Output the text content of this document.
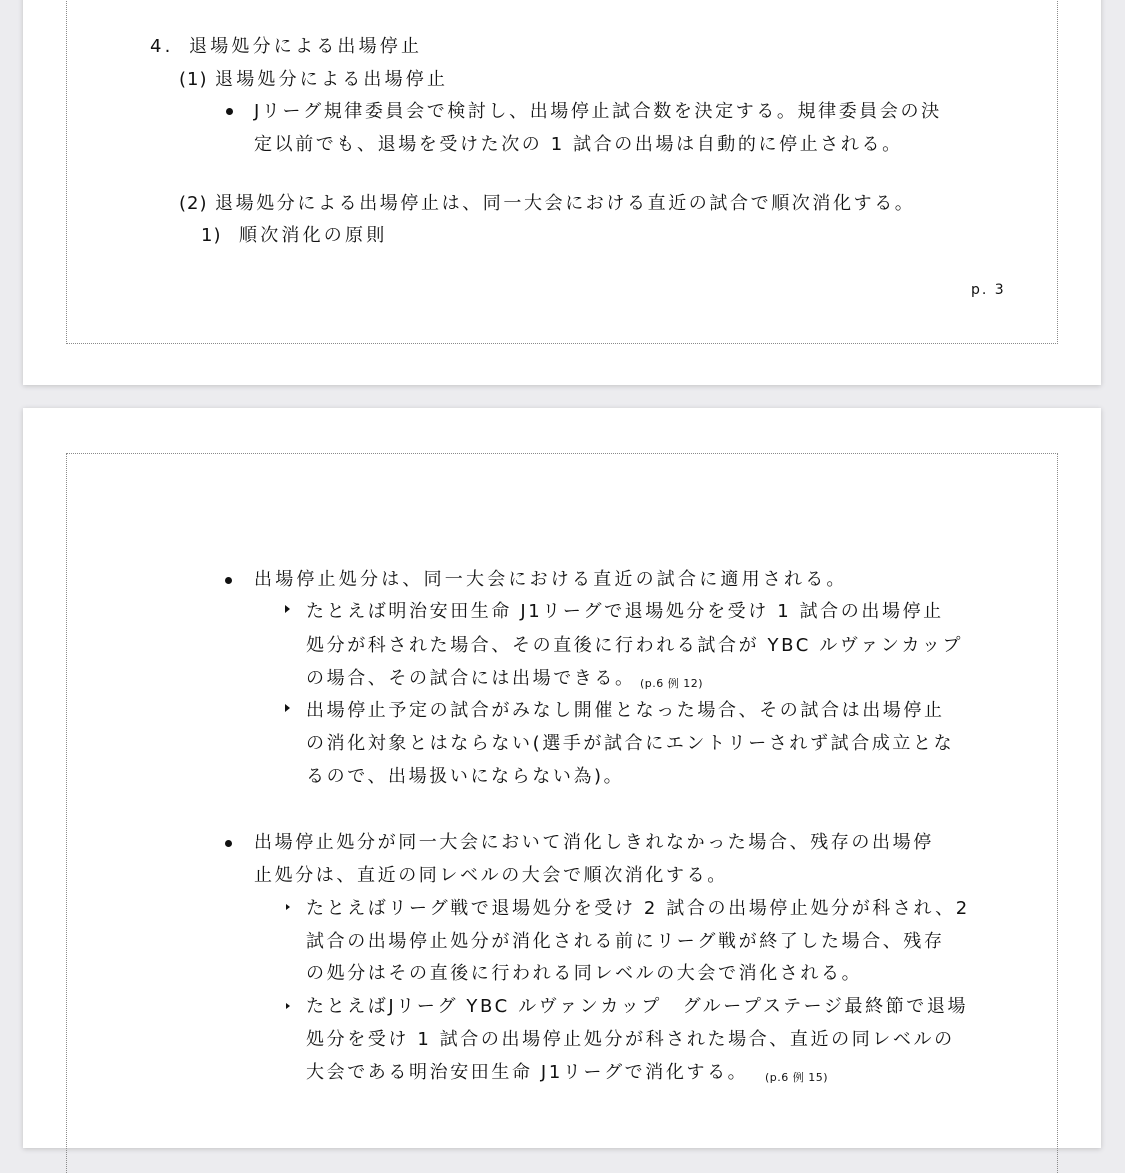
4. 退場処分による出場停止
(1) 退場処分による出場停止
Jリーグ規律委員会で検討し、出場停止試合数を決定する。規律委員会の決
定以前でも、退場を受けた次の 1 試合の出場は自動的に停止される。
(2) 退場処分による出場停止は、同一大会における直近の試合で順次消化する。
1) 順次消化の原則
p. 3
出場停止処分は、同一大会における直近の試合に適用される。
たとえば明治安田生命 J1リーグで退場処分を受け 1 試合の出場停止
処分が科された場合、その直後に行われる試合が YBC ルヴァンカップ
の場合、その試合には出場できる。 (p.6 例 12)
出場停止予定の試合がみなし開催となった場合、その試合は出場停止
の消化対象とはならない(選手が試合にエントリーされず試合成立とな
るので、出場扱いにならない為)。
出場停止処分が同一大会において消化しきれなかった場合、残存の出場停
止処分は、直近の同レベルの大会で順次消化する。
たとえばリーグ戦で退場処分を受け 2 試合の出場停止処分が科され、2
試合の出場停止処分が消化される前にリーグ戦が終了した場合、残存
の処分はその直後に行われる同レベルの大会で消化される。
たとえばJリーグ YBC ルヴァンカップ　グループステージ最終節で退場
処分を受け 1 試合の出場停止処分が科された場合、直近の同レベルの
大会である明治安田生命 J1リーグで消化する。 (p.6 例 15)
